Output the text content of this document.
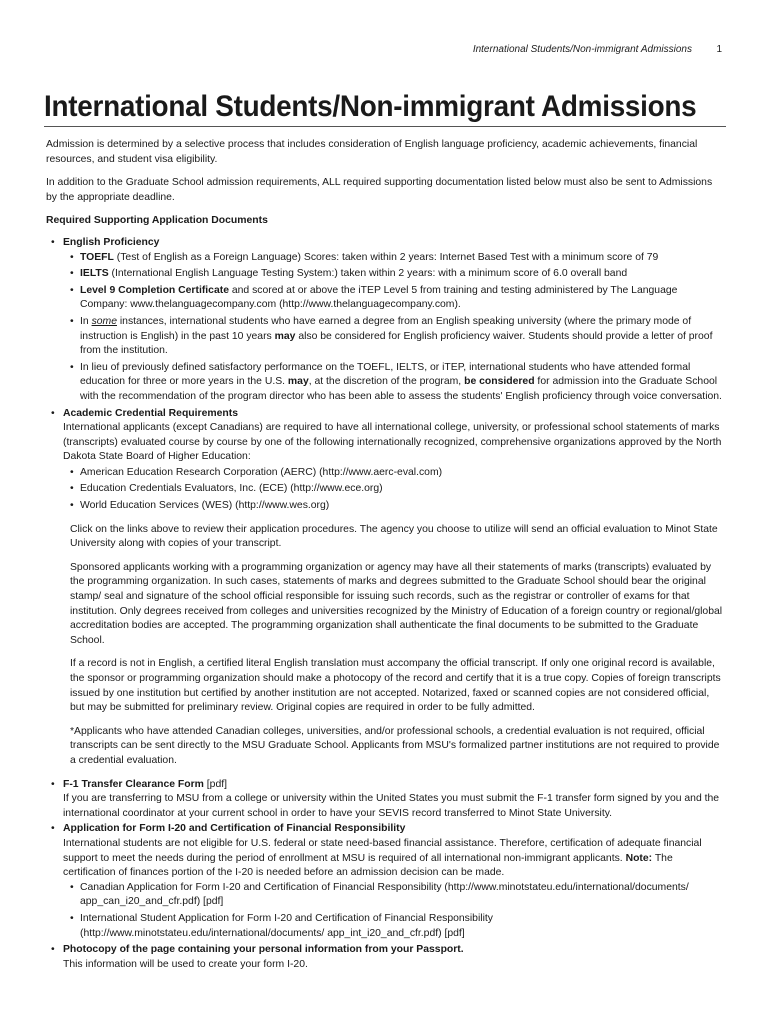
International Students/Non-immigrant Admissions 1
International Students/Non-immigrant Admissions

Admission is determined by a selective process that includes consideration of English language proficiency, academic achievements, financial resources, and student visa eligibility.

In addition to the Graduate School admission requirements, ALL required supporting documentation listed below must also be sent to Admissions by the appropriate deadline.

Required Supporting Application Documents
• English Proficiency
• TOEFL (Test of English as a Foreign Language) Scores: taken within 2 years: Internet Based Test with a minimum score of 79
• IELTS (International English Language Testing System:) taken within 2 years: with a minimum score of 6.0 overall band
• Level 9 Completion Certificate and scored at or above the iTEP Level 5 from training and testing administered by The Language Company: www.thelanguagecompany.com (http://www.thelanguagecompany.com).
• In some instances, international students who have earned a degree from an English speaking university (where the primary mode of instruction is English) in the past 10 years may also be considered for English proficiency waiver. Students should provide a letter of proof from the institution.
• In lieu of previously defined satisfactory performance on the TOEFL, IELTS, or iTEP, international students who have attended formal education for three or more years in the U.S. may, at the discretion of the program, be considered for admission into the Graduate School with the recommendation of the program director who has been able to assess the students' English proficiency through voice conversation.
• Academic Credential Requirements
International applicants (except Canadians) are required to have all international college, university, or professional school statements of marks (transcripts) evaluated course by course by one of the following internationally recognized, comprehensive organizations approved by the North Dakota State Board of Higher Education:
• American Education Research Corporation (AERC) (http://www.aerc-eval.com)
• Education Credentials Evaluators, Inc. (ECE) (http://www.ece.org)
• World Education Services (WES) (http://www.wes.org)

Click on the links above to review their application procedures. The agency you choose to utilize will send an official evaluation to Minot State University along with copies of your transcript.

Sponsored applicants working with a programming organization or agency may have all their statements of marks (transcripts) evaluated by the programming organization. In such cases, statements of marks and degrees submitted to the Graduate School should bear the original stamp/ seal and signature of the school official responsible for issuing such records, such as the registrar or controller of exams for that institution. Only degrees received from colleges and universities recognized by the Ministry of Education of a foreign country or regional/global accreditation bodies are accepted. The programming organization shall authenticate the final documents to be submitted to the Graduate School.

If a record is not in English, a certified literal English translation must accompany the official transcript. If only one original record is available, the sponsor or programming organization should make a photocopy of the record and certify that it is a true copy. Copies of foreign transcripts issued by one institution but certified by another institution are not accepted. Notarized, faxed or scanned copies are not considered official, but may be submitted for preliminary review. Original copies are required in order to be fully admitted.

*Applicants who have attended Canadian colleges, universities, and/or professional schools, a credential evaluation is not required, official transcripts can be sent directly to the MSU Graduate School. Applicants from MSU's formalized partner institutions are not required to provide a credential evaluation.

• F-1 Transfer Clearance Form [pdf]
If you are transferring to MSU from a college or university within the United States you must submit the F-1 transfer form signed by you and the international coordinator at your current school in order to have your SEVIS record transferred to Minot State University.
• Application for Form I-20 and Certification of Financial Responsibility
International students are not eligible for U.S. federal or state need-based financial assistance. Therefore, certification of adequate financial support to meet the needs during the period of enrollment at MSU is required of all international non-immigrant applicants. Note: The certification of finances portion of the I-20 is needed before an admission decision can be made.
• Canadian Application for Form I-20 and Certification of Financial Responsibility (http://www.minotstateu.edu/international/documents/ app_can_i20_and_cfr.pdf) [pdf]
• International Student Application for Form I-20 and Certification of Financial Responsibility (http://www.minotstateu.edu/international/documents/ app_int_i20_and_cfr.pdf) [pdf]
• Photocopy of the page containing your personal information from your Passport.
This information will be used to create your form I-20.
